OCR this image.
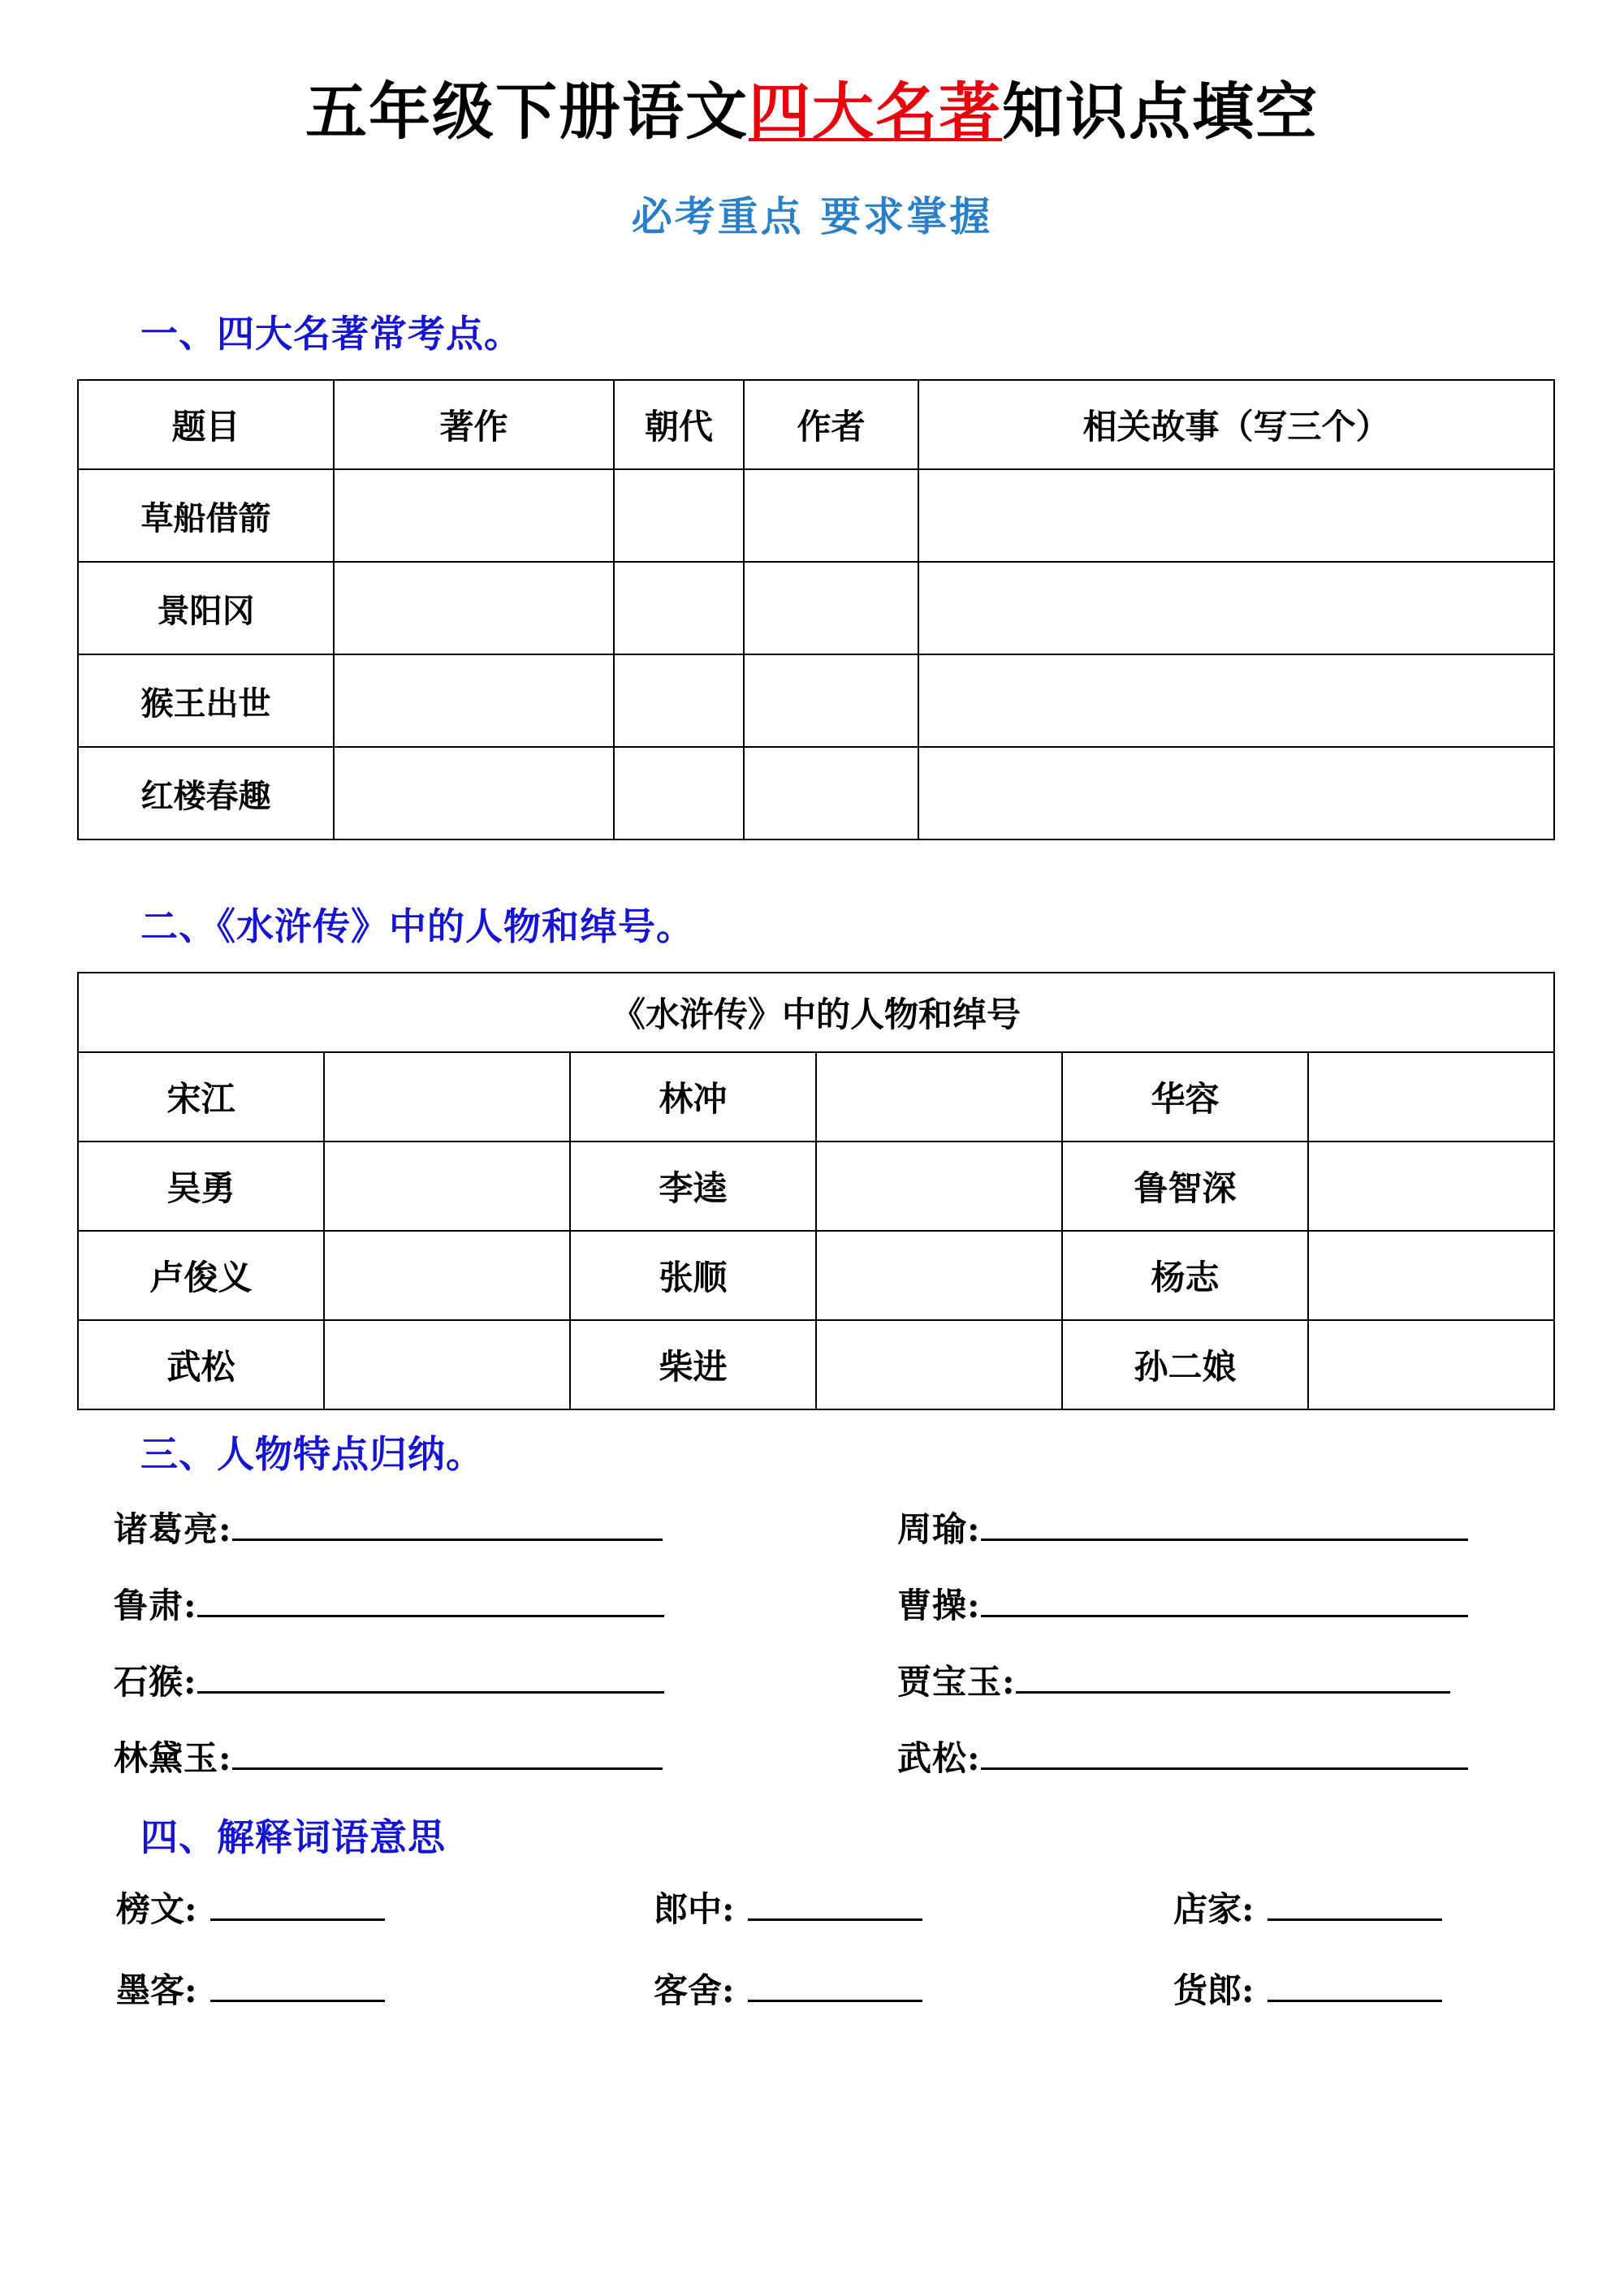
五年级下册语文四大名著知识点填空
必考重点 要求掌握
一、四大名著常考点。
题目	著作	朝代	作者	相关故事（写三个）
草船借箭				
景阳冈				
猴王出世				
红楼春趣				
二、《水浒传》中的人物和绰号。
《水浒传》中的人物和绰号					
宋江		林冲		华容	
吴勇		李逵		鲁智深	
卢俊义		张顺		杨志	
武松		柴进		孙二娘	
三、人物特点归纳。
诸葛亮:	周瑜:
鲁肃:	曹操:
石猴:	贾宝玉:
林黛玉:	武松:
四、解释词语意思
榜文:	郎中:	店家:
墨客:	客舍:	货郎:
